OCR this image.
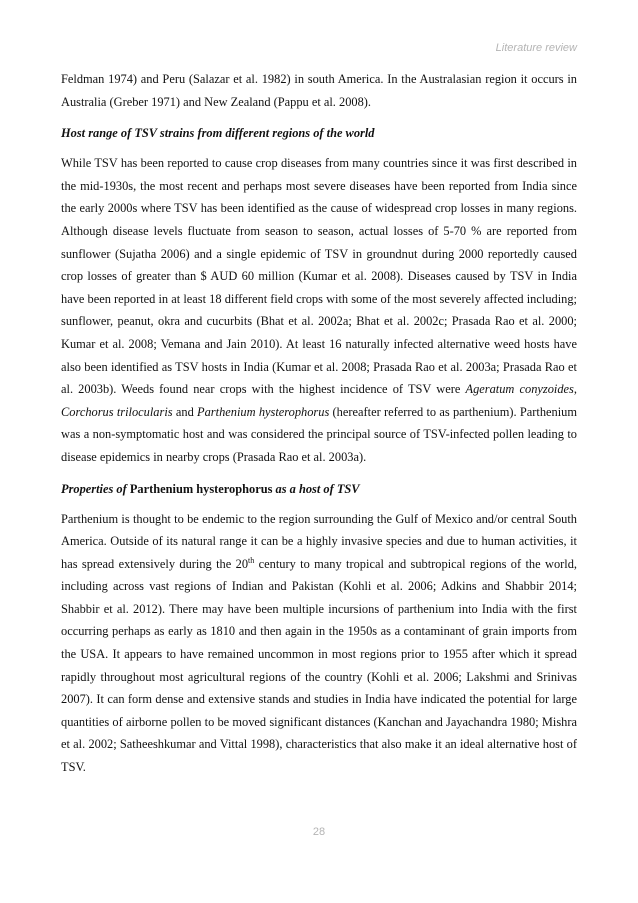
Literature review

Feldman 1974) and Peru (Salazar et al. 1982) in south America. In the Australasian region it occurs in Australia (Greber 1971) and New Zealand (Pappu et al. 2008).

Host range of TSV strains from different regions of the world

While TSV has been reported to cause crop diseases from many countries since it was first described in the mid-1930s, the most recent and perhaps most severe diseases have been reported from India since the early 2000s where TSV has been identified as the cause of widespread crop losses in many regions. Although disease levels fluctuate from season to season, actual losses of 5-70 % are reported from sunflower (Sujatha 2006) and a single epidemic of TSV in groundnut during 2000 reportedly caused crop losses of greater than $ AUD 60 million (Kumar et al. 2008). Diseases caused by TSV in India have been reported in at least 18 different field crops with some of the most severely affected including; sunflower, peanut, okra and cucurbits (Bhat et al. 2002a; Bhat et al. 2002c; Prasada Rao et al. 2000; Kumar et al. 2008; Vemana and Jain 2010). At least 16 naturally infected alternative weed hosts have also been identified as TSV hosts in India (Kumar et al. 2008; Prasada Rao et al. 2003a; Prasada Rao et al. 2003b). Weeds found near crops with the highest incidence of TSV were Ageratum conyzoides, Corchorus trilocularis and Parthenium hysterophorus (hereafter referred to as parthenium). Parthenium was a non-symptomatic host and was considered the principal source of TSV-infected pollen leading to disease epidemics in nearby crops (Prasada Rao et al. 2003a).

Properties of Parthenium hysterophorus as a host of TSV

Parthenium is thought to be endemic to the region surrounding the Gulf of Mexico and/or central South America. Outside of its natural range it can be a highly invasive species and due to human activities, it has spread extensively during the 20th century to many tropical and subtropical regions of the world, including across vast regions of Indian and Pakistan (Kohli et al. 2006; Adkins and Shabbir 2014; Shabbir et al. 2012). There may have been multiple incursions of parthenium into India with the first occurring perhaps as early as 1810 and then again in the 1950s as a contaminant of grain imports from the USA. It appears to have remained uncommon in most regions prior to 1955 after which it spread rapidly throughout most agricultural regions of the country (Kohli et al. 2006; Lakshmi and Srinivas 2007). It can form dense and extensive stands and studies in India have indicated the potential for large quantities of airborne pollen to be moved significant distances (Kanchan and Jayachandra 1980; Mishra et al. 2002; Satheeshkumar and Vittal 1998), characteristics that also make it an ideal alternative host of TSV.

28
